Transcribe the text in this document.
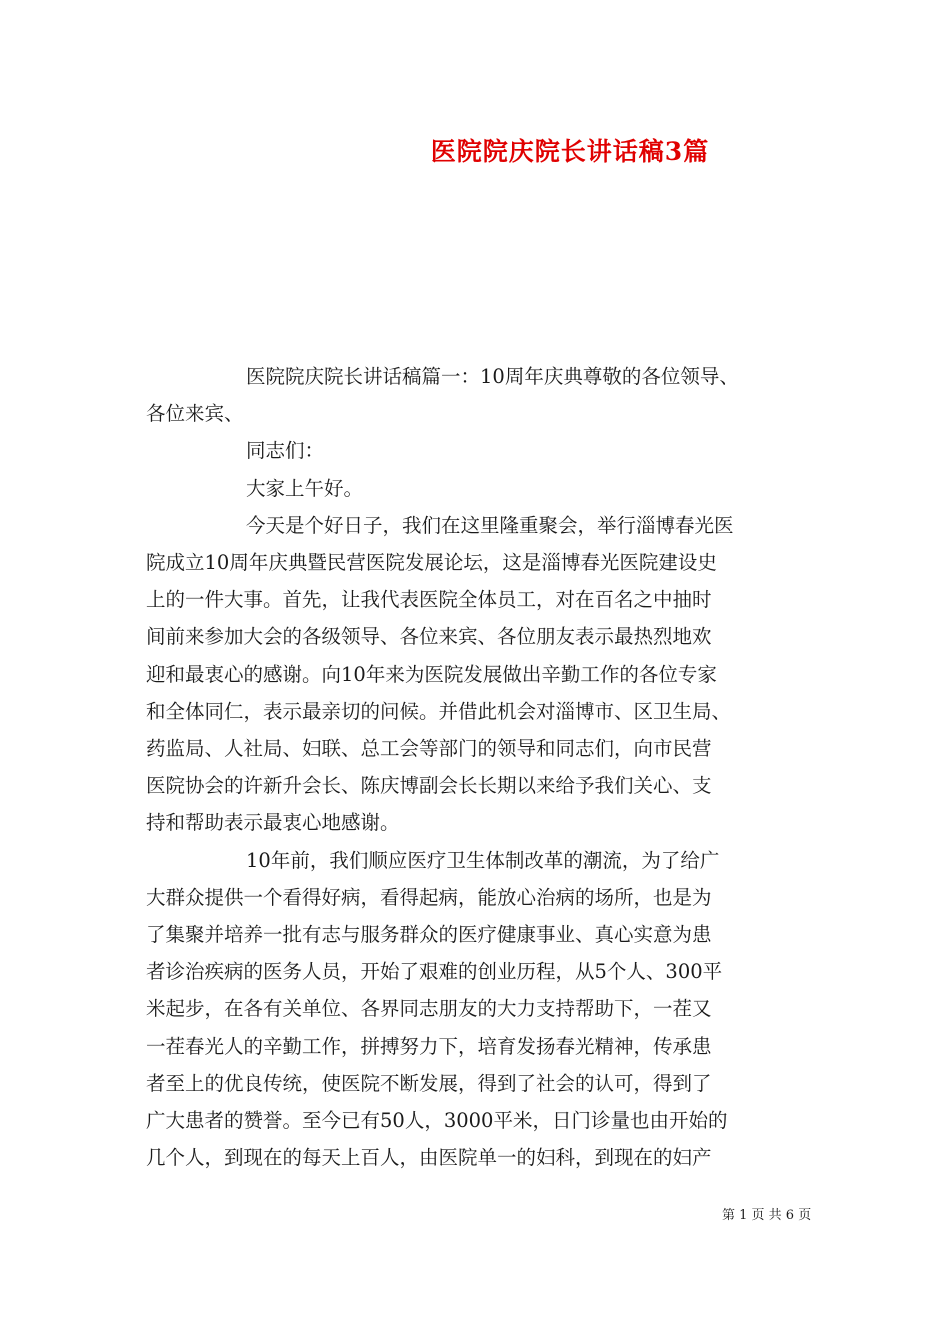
医院院庆院长讲话稿3篇

医院院庆院长讲话稿篇一：10周年庆典尊敬的各位领导、

各位来宾、

同志们：

大家上午好。

今天是个好日子，我们在这里隆重聚会，举行淄博春光医

院成立10周年庆典暨民营医院发展论坛，这是淄博春光医院建设史

上的一件大事。首先，让我代表医院全体员工，对在百名之中抽时

间前来参加大会的各级领导、各位来宾、各位朋友表示最热烈地欢

迎和最衷心的感谢。向10年来为医院发展做出辛勤工作的各位专家

和全体同仁，表示最亲切的问候。并借此机会对淄博市、区卫生局、

药监局、人社局、妇联、总工会等部门的领导和同志们，向市民营

医院协会的许新升会长、陈庆博副会长长期以来给予我们关心、支

持和帮助表示最衷心地感谢。

10年前，我们顺应医疗卫生体制改革的潮流，为了给广

大群众提供一个看得好病，看得起病，能放心治病的场所，也是为

了集聚并培养一批有志与服务群众的医疗健康事业、真心实意为患

者诊治疾病的医务人员，开始了艰难的创业历程，从5个人、300平

米起步，在各有关单位、各界同志朋友的大力支持帮助下，一茬又

一茬春光人的辛勤工作，拼搏努力下，培育发扬春光精神，传承患

者至上的优良传统，使医院不断发展，得到了社会的认可，得到了

广大患者的赞誉。至今已有50人，3000平米，日门诊量也由开始的

几个人，到现在的每天上百人，由医院单一的妇科，到现在的妇产

第 1 页 共 6 页
